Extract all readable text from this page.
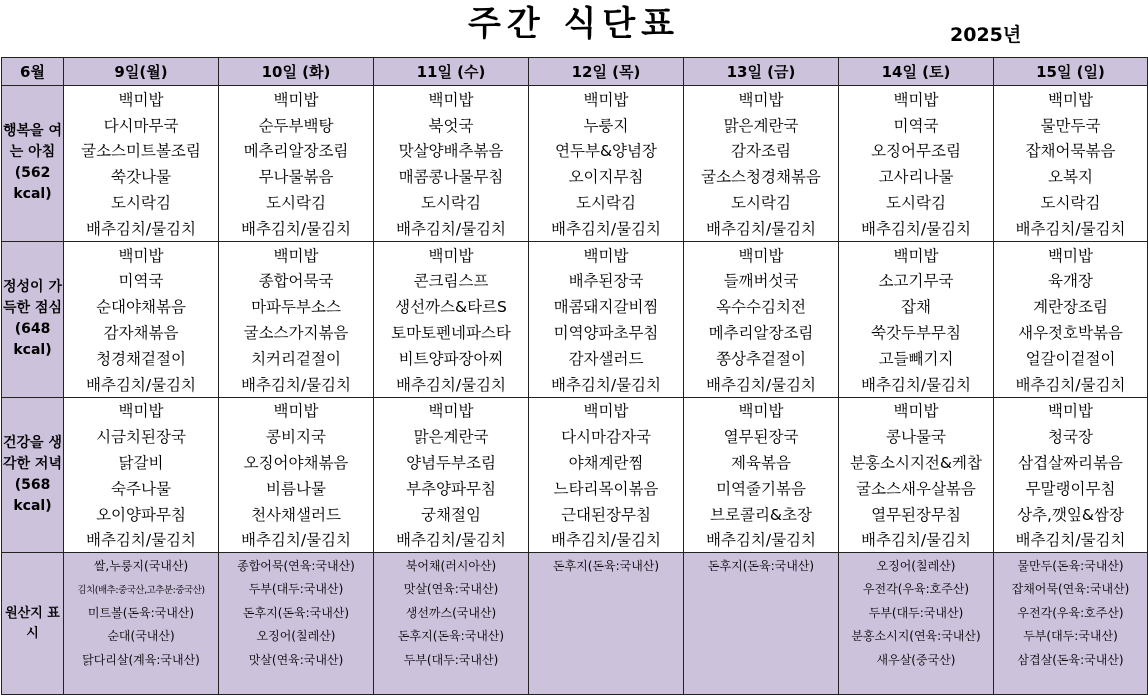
주간 식단표	2025년
6월	9일(월)	10일 (화)	11일 (수)	12일 (목)	13일 (금)	14일 (토)	15일 (일)
행복을 여는 아침 (562 kcal)	백미밥	백미밥	백미밥	백미밥	백미밥	백미밥	백미밥
	다시마무국	순두부백탕	북엇국	누룽지	맑은계란국	미역국	물만두국
	굴소스미트볼조림	메추리알장조림	맛살양배추볶음	연두부&양념장	감자조림	오징어무조림	잡채어묵볶음
	쑥갓나물	무나물볶음	매콤콩나물무침	오이지무침	굴소스청경채볶음	고사리나물	오복지
	도시락김	도시락김	도시락김	도시락김	도시락김	도시락김	도시락김
	배추김치/물김치	배추김치/물김치	배추김치/물김치	배추김치/물김치	배추김치/물김치	배추김치/물김치	배추김치/물김치
정성이 가득한 점심 (648 kcal)	백미밥	백미밥	백미밥	백미밥	백미밥	백미밥	백미밥
	미역국	종합어묵국	콘크림스프	배추된장국	들깨버섯국	소고기무국	육개장
	순대야채볶음	마파두부소스	생선까스&타르S	매콤돼지갈비찜	옥수수김치전	잡채	계란장조림
	감자채볶음	굴소스가지볶음	토마토펜네파스타	미역양파초무침	메추리알장조림	쑥갓두부무침	새우젓호박볶음
	청경채겉절이	치커리겉절이	비트양파장아찌	감자샐러드	쫑상추겉절이	고들빼기지	얼갈이겉절이
	배추김치/물김치	배추김치/물김치	배추김치/물김치	배추김치/물김치	배추김치/물김치	배추김치/물김치	배추김치/물김치
건강을 생각한 저녁 (568 kcal)	백미밥	백미밥	백미밥	백미밥	백미밥	백미밥	백미밥
	시금치된장국	콩비지국	맑은계란국	다시마감자국	열무된장국	콩나물국	청국장
	닭갈비	오징어야채볶음	양념두부조림	야채계란찜	제육볶음	분홍소시지전&케찹	삼겹살짜리볶음
	숙주나물	비름나물	부추양파무침	느타리목이볶음	미역줄기볶음	굴소스새우살볶음	무말랭이무침
	오이양파무침	천사채샐러드	궁채절임	근대된장무침	브로콜리&초장	열무된장무침	상추,깻잎&쌈장
	배추김치/물김치	배추김치/물김치	배추김치/물김치	배추김치/물김치	배추김치/물김치	배추김치/물김치	배추김치/물김치
원산지 표시	쌀,누룽지(국내산)	종합어묵(연육:국내산)	북어채(러시아산)	돈후지(돈육:국내산)	돈후지(돈육:국내산)	오징어(칠레산)	물만두(돈육:국내산)
	김치(배추:중국산,고추분:중국산)	두부(대두:국내산)	맛살(연육:국내산)			우전각(우육:호주산)	잡채어묵(연육:국내산)
	미트볼(돈육:국내산)	돈후지(돈육:국내산)	생선까스(국내산)			두부(대두:국내산)	우전각(우육:호주산)
	순대(국내산)	오징어(칠레산)	돈후지(돈육:국내산)			분홍소시지(연육:국내산)	두부(대두:국내산)
	닭다리살(계육:국내산)	맛살(연육:국내산)	두부(대두:국내산)			새우살(중국산)	삼겹살(돈육:국내산)
